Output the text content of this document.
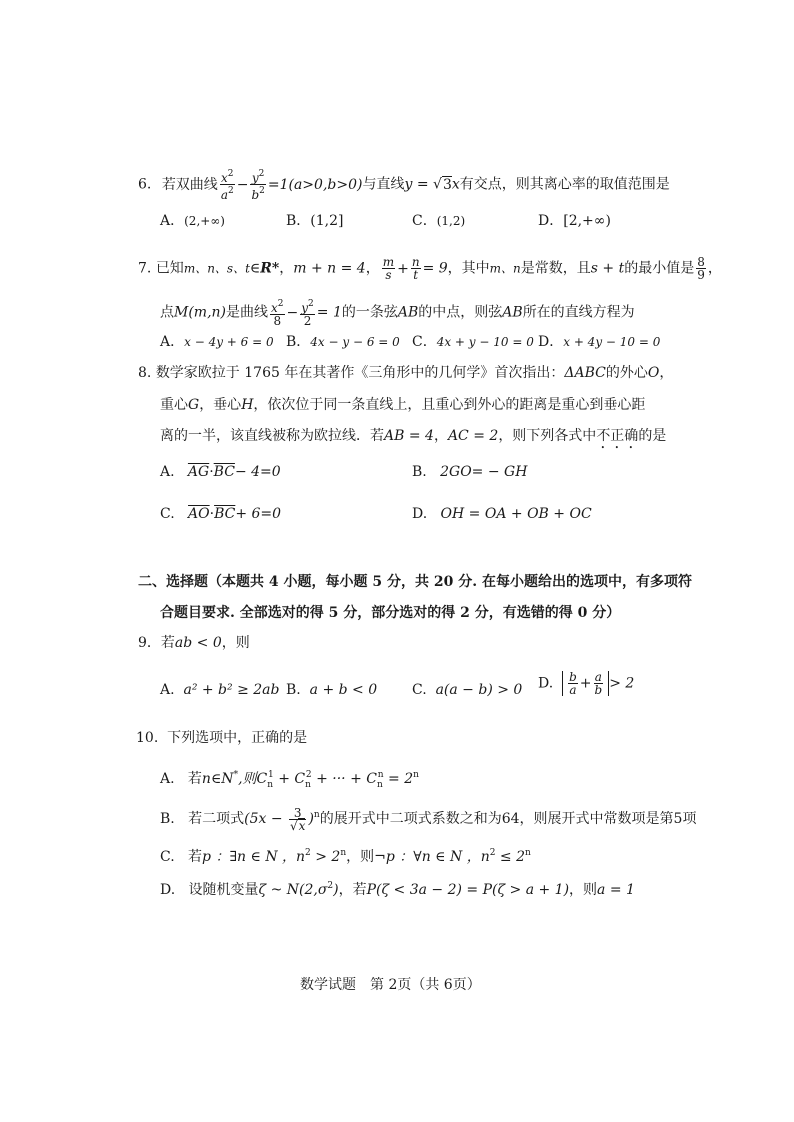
6. 若双曲线 $\frac{x^2}{a^2} - \frac{y^2}{b^2} =1(a>0,b>0)$与直线y = √3x有交点，则其离心率的取值范围是
A．(2,+∞)	B．(1,2]	C．(1,2)	D．[2,+∞)
7. 已知m、n、s、t∈R*，m + n = 4， $\frac{m}{s} + \frac{n}{t} = 9$，其中m、n是常数，且s + t的最小值是 $\frac{8}{9}$ ，
点M(m,n)是曲线 $\frac{x^2}{8} - \frac{y^2}{2} = 1$的一条弦AB的中点，则弦AB所在的直线方程为
A．x − 4y + 6 = 0 B．4x − y − 6 = 0 C．4x + y − 10 = 0 D．x + 4y − 10 = 0
8. 数学家欧拉于 1765 年在其著作《三角形中的几何学》首次指出：ΔABC的外心O，
重心G，垂心H，依次位于同一条直线上，且重心到外心的距离是重心到垂心距
离的一半，该直线被称为欧拉线．若AB = 4，AC = 2，则下列各式中不正确的是
A. $\overline{AG}\cdot\overline{BC}- 4=0$	B. 2GO= − GH
C. $\overline{AO}\cdot\overline{BC}+ 6=0$	D. OH = OA + OB + OC
二、选择题（本题共 4 小题，每小题 5 分，共 20 分. 在每小题给出的选项中，有多项符
合题目要求. 全部选对的得 5 分，部分选对的得 2 分，有选错的得 0 分）
9．若ab < 0，则
A. a² + b² ≥ 2ab B. a + b < 0 C. a(a − b) > 0 D. $\frac{b}{a} + \frac{a}{b} > 2$
10. 下列选项中，正确的是
A. 若n∈N*,则$C_n^1 + C_n^2$ + ··· + $C_n^n = 2^n$
B. 若二项式$(5x - \frac{3}{√x} )^n$的展开式中二项式系数之和为64，则展开式中常数项是第5项
C. 若p ：∃n ∈ N ，$n^2 > 2^n$，则¬p ：∀n ∈ N ，$n^2 \le 2^n$
D. 设随机变量ζ ~ $N(2,\sigma^2)$，若P(ζ < 3a − 2) = P(ζ > a + 1)，则a = 1
数学试题　第 2页（共 6页）
